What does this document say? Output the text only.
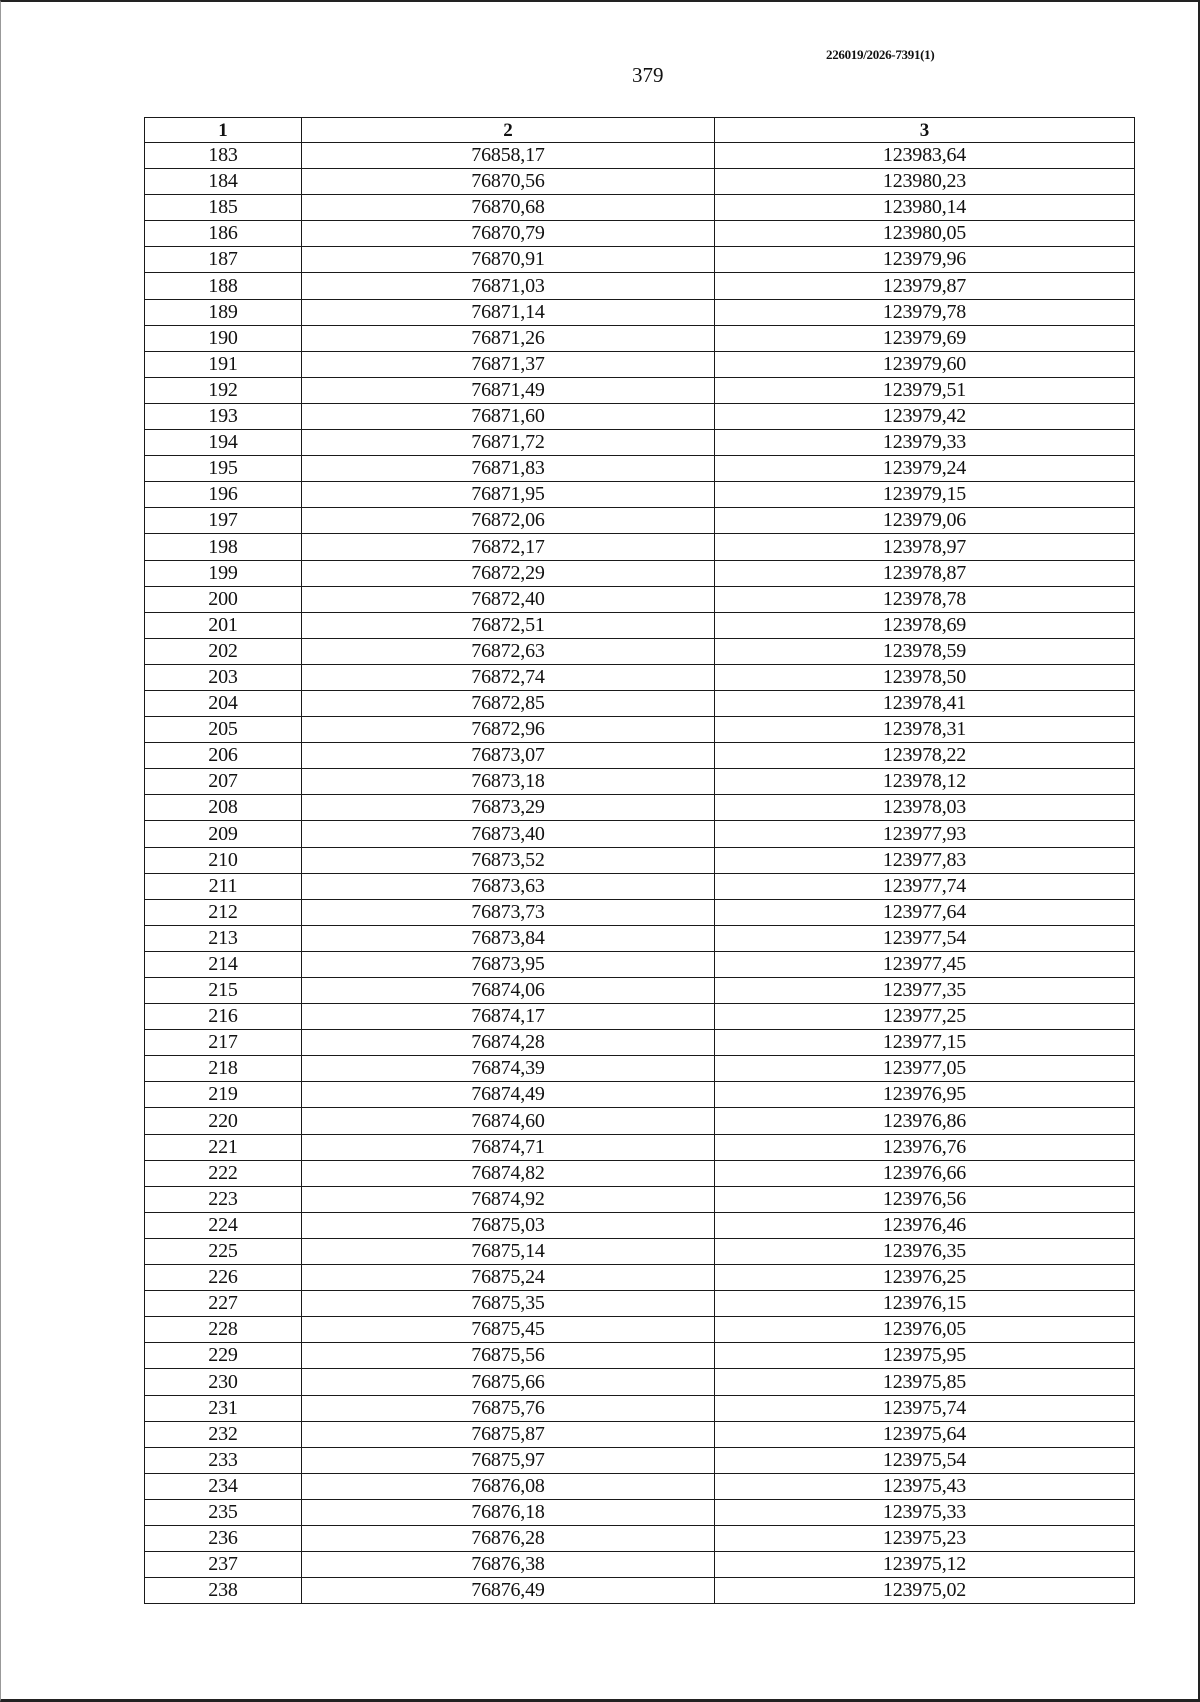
226019/2026-7391(1)
379
1	2	3
183	76858,17	123983,64
184	76870,56	123980,23
185	76870,68	123980,14
186	76870,79	123980,05
187	76870,91	123979,96
188	76871,03	123979,87
189	76871,14	123979,78
190	76871,26	123979,69
191	76871,37	123979,60
192	76871,49	123979,51
193	76871,60	123979,42
194	76871,72	123979,33
195	76871,83	123979,24
196	76871,95	123979,15
197	76872,06	123979,06
198	76872,17	123978,97
199	76872,29	123978,87
200	76872,40	123978,78
201	76872,51	123978,69
202	76872,63	123978,59
203	76872,74	123978,50
204	76872,85	123978,41
205	76872,96	123978,31
206	76873,07	123978,22
207	76873,18	123978,12
208	76873,29	123978,03
209	76873,40	123977,93
210	76873,52	123977,83
211	76873,63	123977,74
212	76873,73	123977,64
213	76873,84	123977,54
214	76873,95	123977,45
215	76874,06	123977,35
216	76874,17	123977,25
217	76874,28	123977,15
218	76874,39	123977,05
219	76874,49	123976,95
220	76874,60	123976,86
221	76874,71	123976,76
222	76874,82	123976,66
223	76874,92	123976,56
224	76875,03	123976,46
225	76875,14	123976,35
226	76875,24	123976,25
227	76875,35	123976,15
228	76875,45	123976,05
229	76875,56	123975,95
230	76875,66	123975,85
231	76875,76	123975,74
232	76875,87	123975,64
233	76875,97	123975,54
234	76876,08	123975,43
235	76876,18	123975,33
236	76876,28	123975,23
237	76876,38	123975,12
238	76876,49	123975,02
